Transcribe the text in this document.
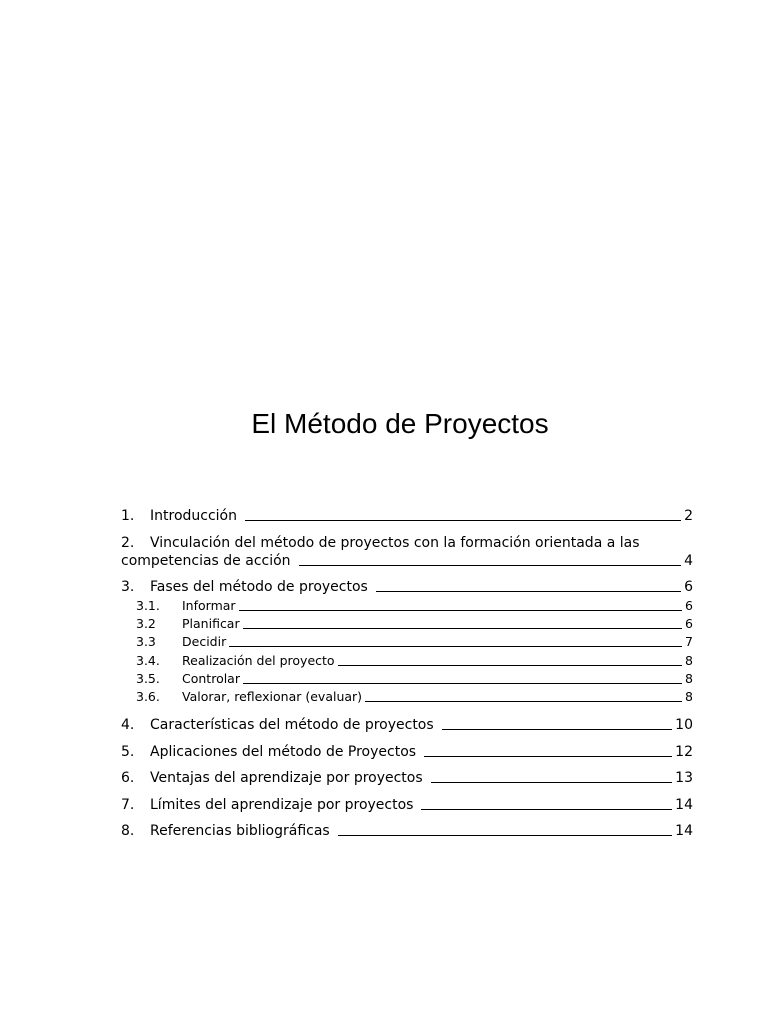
El Método de Proyectos
1.	Introducción	2
2. Vinculación del método de proyectos con la formación orientada a las
competencias de acción	4
3.	Fases del método de proyectos	6
3.1.	Informar	6
3.2	Planificar	6
3.3	Decidir	7
3.4.	Realización del proyecto	8
3.5.	Controlar	8
3.6.	Valorar, reflexionar (evaluar)	8
4.	Características del método de proyectos	10
5.	Aplicaciones del método de Proyectos	12
6.	Ventajas del aprendizaje por proyectos	13
7.	Límites del aprendizaje por proyectos	14
8.	Referencias bibliográficas	14
